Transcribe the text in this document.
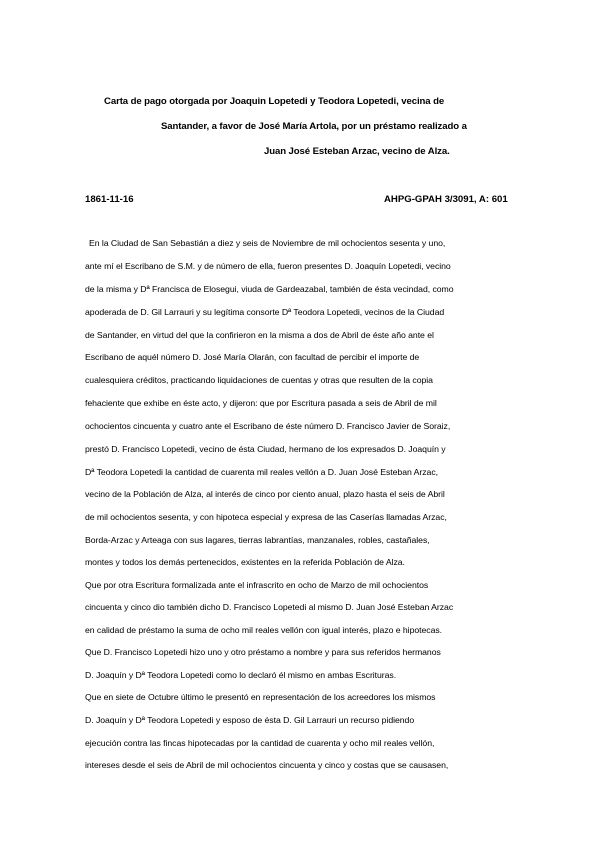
Carta de pago otorgada por Joaquin Lopetedi y Teodora Lopetedi, vecina de
Santander, a favor de José María Artola, por un préstamo realizado a
Juan José Esteban Arzac, vecino de Alza.
1861-11-16	AHPG-GPAH 3/3091, A: 601
En la Ciudad de San Sebastián a diez y seis de Noviembre de mil ochocientos sesenta y uno,
ante mí el Escribano de S.M. y de número de ella, fueron presentes D. Joaquín Lopetedi, vecino
de la misma y Dª Francisca de Elosegui, viuda de Gardeazabal, también de ésta vecindad, como
apoderada de D. Gil Larrauri y su legítima consorte Dª Teodora Lopetedi, vecinos de la Ciudad
de Santander, en virtud del que la confirieron en la misma a dos de Abril de éste año ante el
Escribano de aquél número D. José María Olarán, con facultad de percibir el importe de
cualesquiera créditos, practicando liquidaciones de cuentas y otras que resulten de la copia
fehaciente que exhibe en éste acto, y dijeron: que por Escritura pasada a seis de Abril de mil
ochocientos cincuenta y cuatro ante el Escribano de éste número D. Francisco Javier de Soraiz,
prestó D. Francisco Lopetedi, vecino de ésta Ciudad, hermano de los expresados D. Joaquín y
Dª Teodora Lopetedi la cantidad de cuarenta mil reales vellón a D. Juan José Esteban Arzac,
vecino de la Población de Alza, al interés de cinco por ciento anual, plazo hasta el seis de Abril
de mil ochocientos sesenta, y con hipoteca especial y expresa de las Caserías llamadas Arzac,
Borda-Arzac y Arteaga con sus lagares, tierras labrantías, manzanales, robles, castañales,
montes y todos los demás pertenecidos, existentes en la referida Población de Alza.
Que por otra Escritura formalizada ante el infrascrito en ocho de Marzo de mil ochocientos
cincuenta y cinco dio también dicho D. Francisco Lopetedi al mismo D. Juan José Esteban Arzac
en calidad de préstamo la suma de ocho mil reales vellón con igual interés, plazo e hipotecas.
Que D. Francisco Lopetedi hizo uno y otro préstamo a nombre y para sus referidos hermanos
D. Joaquín y Dª Teodora Lopetedi como lo declaró él mismo en ambas Escrituras.
Que en siete de Octubre último le presentó en representación de los acreedores los mismos
D. Joaquín y Dª Teodora Lopetedi y esposo de ésta D. Gil Larrauri un recurso pidiendo
ejecución contra las fincas hipotecadas por la cantidad de cuarenta y ocho mil reales vellón,
intereses desde el seis de Abril de mil ochocientos cincuenta y cinco y costas que se causasen,
